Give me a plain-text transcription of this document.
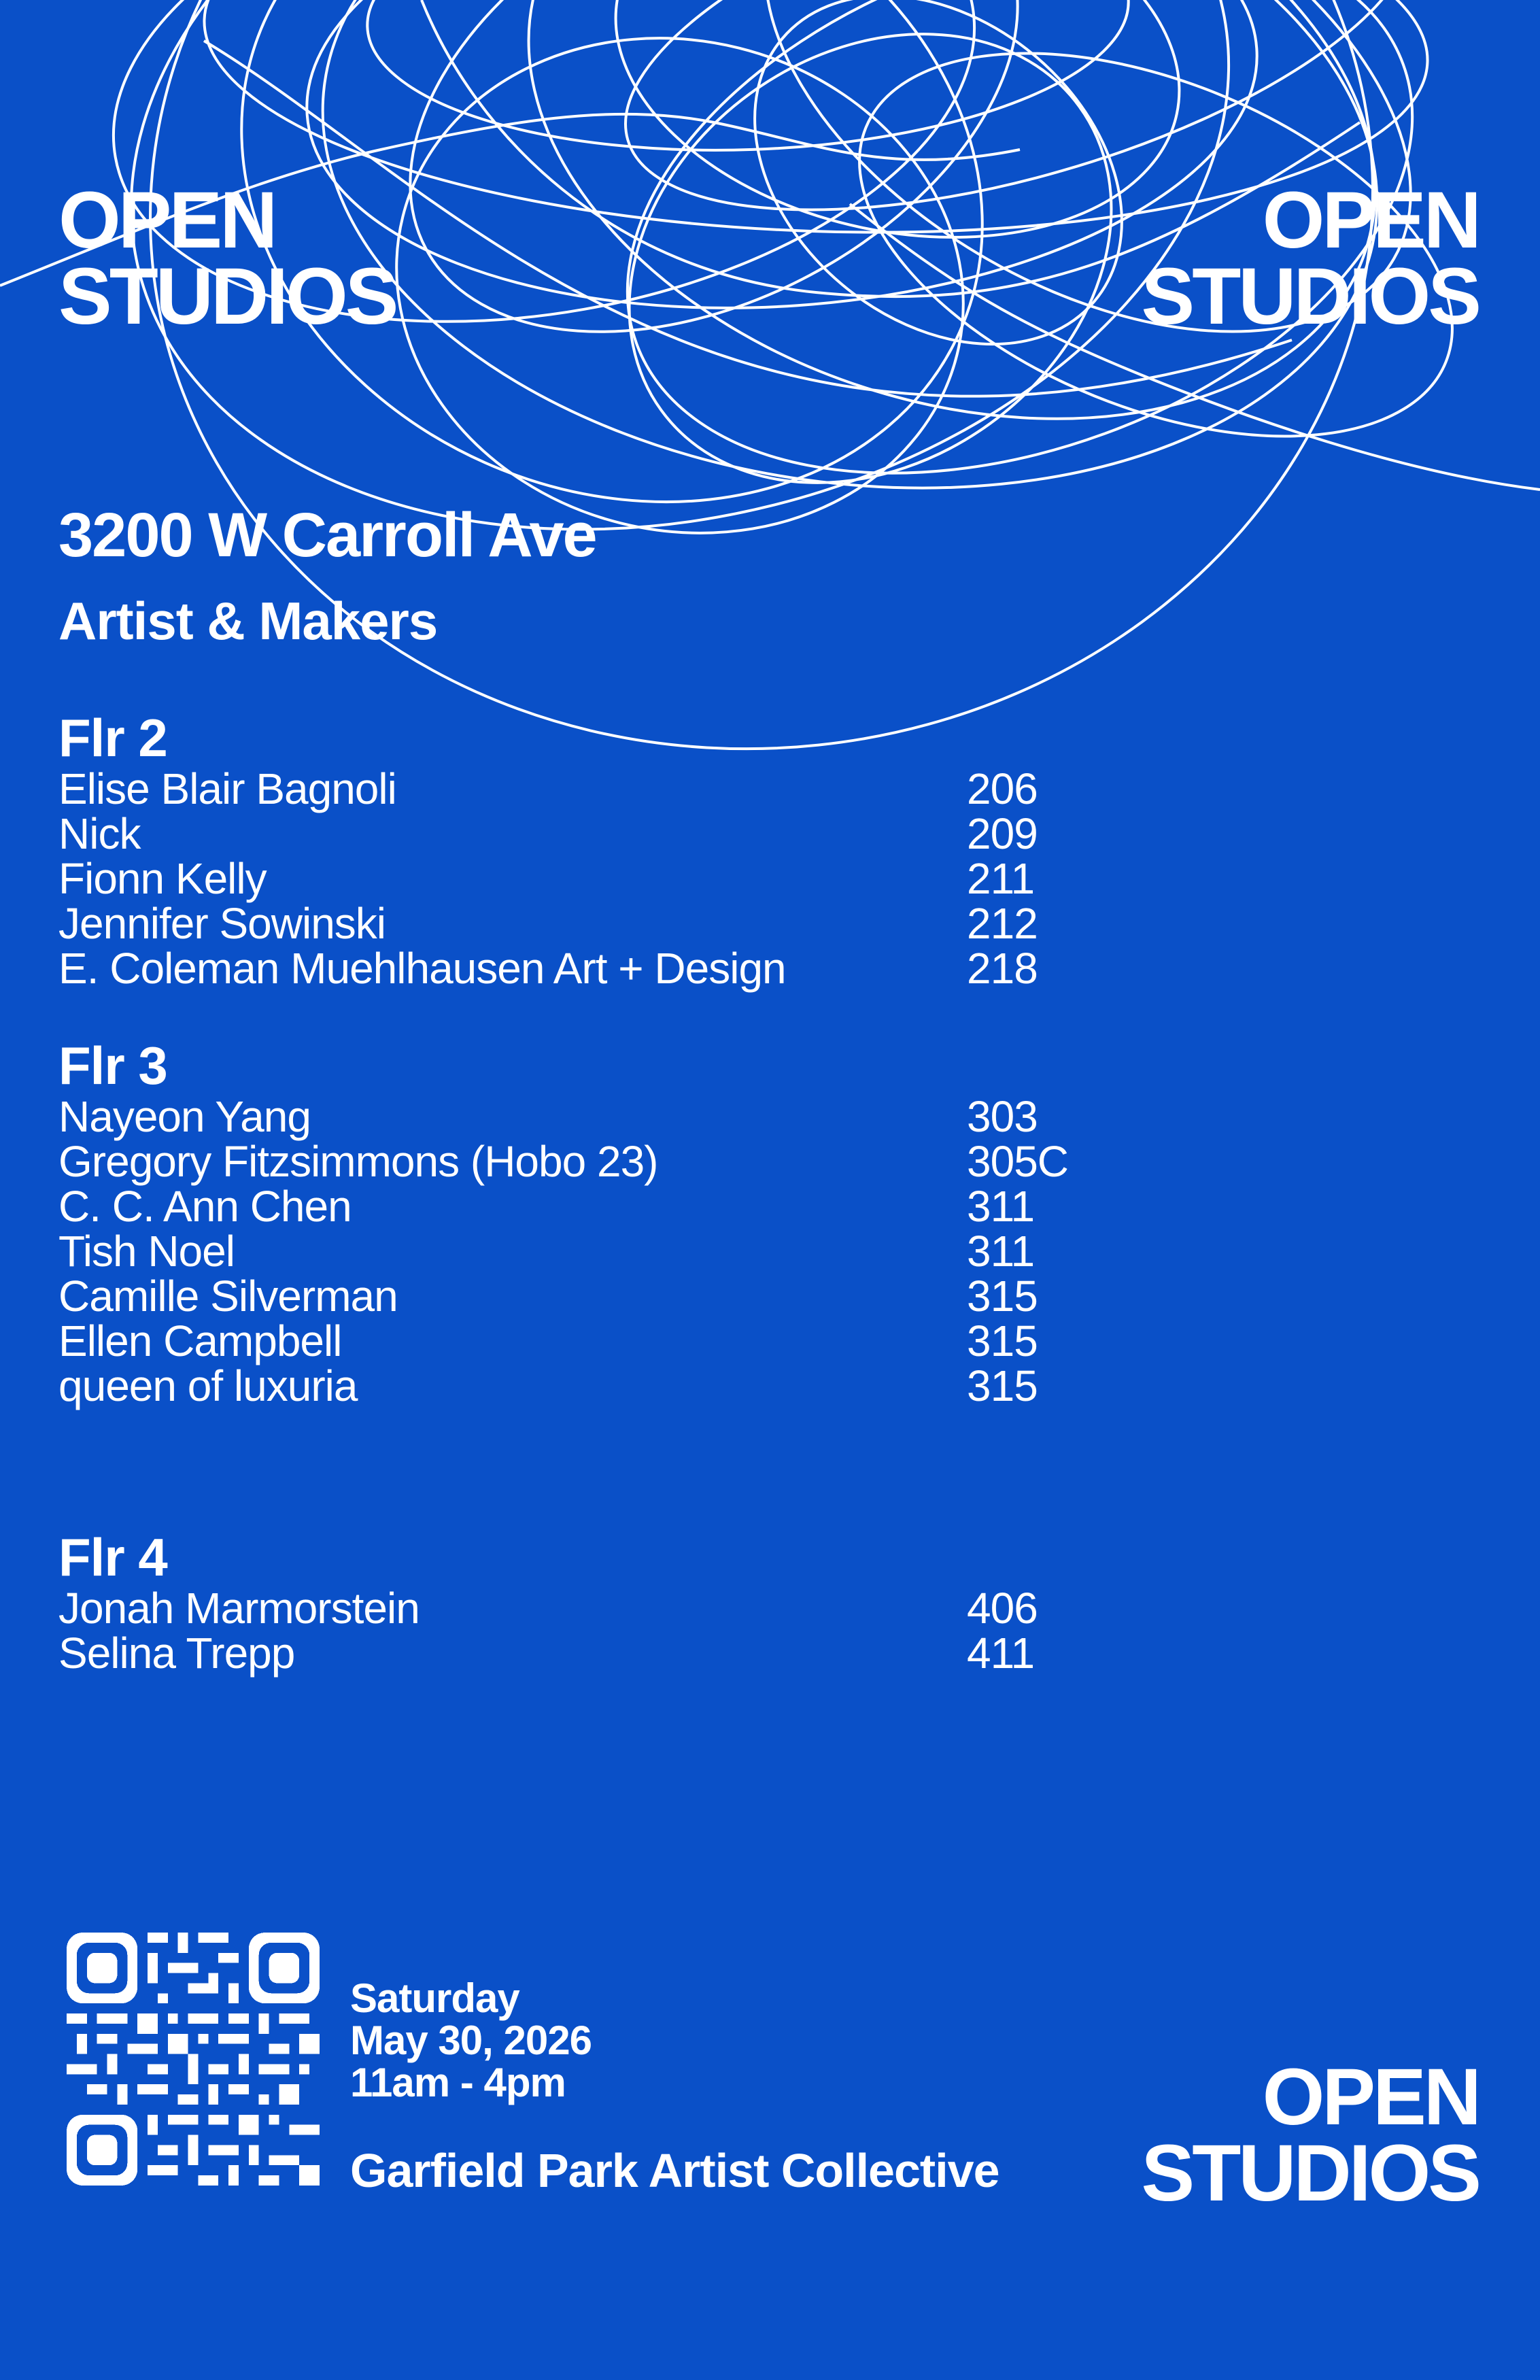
OPEN
STUDIOS
OPEN
STUDIOS
3200 W Carroll Ave
Artist & Makers
Flr 2
Elise Blair Bagnoli	206
Nick	209
Fionn Kelly	211
Jennifer Sowinski	212
E. Coleman Muehlhausen Art + Design	218
Flr 3
Nayeon Yang	303
Gregory Fitzsimmons (Hobo 23)	305C
C. C. Ann Chen	311
Tish Noel	311
Camille Silverman	315
Ellen Campbell	315
queen of luxuria	315
Flr 4
Jonah Marmorstein	406
Selina Trepp	411
Saturday
May 30, 2026
11am - 4pm
Garfield Park Artist Collective
OPEN
STUDIOS
